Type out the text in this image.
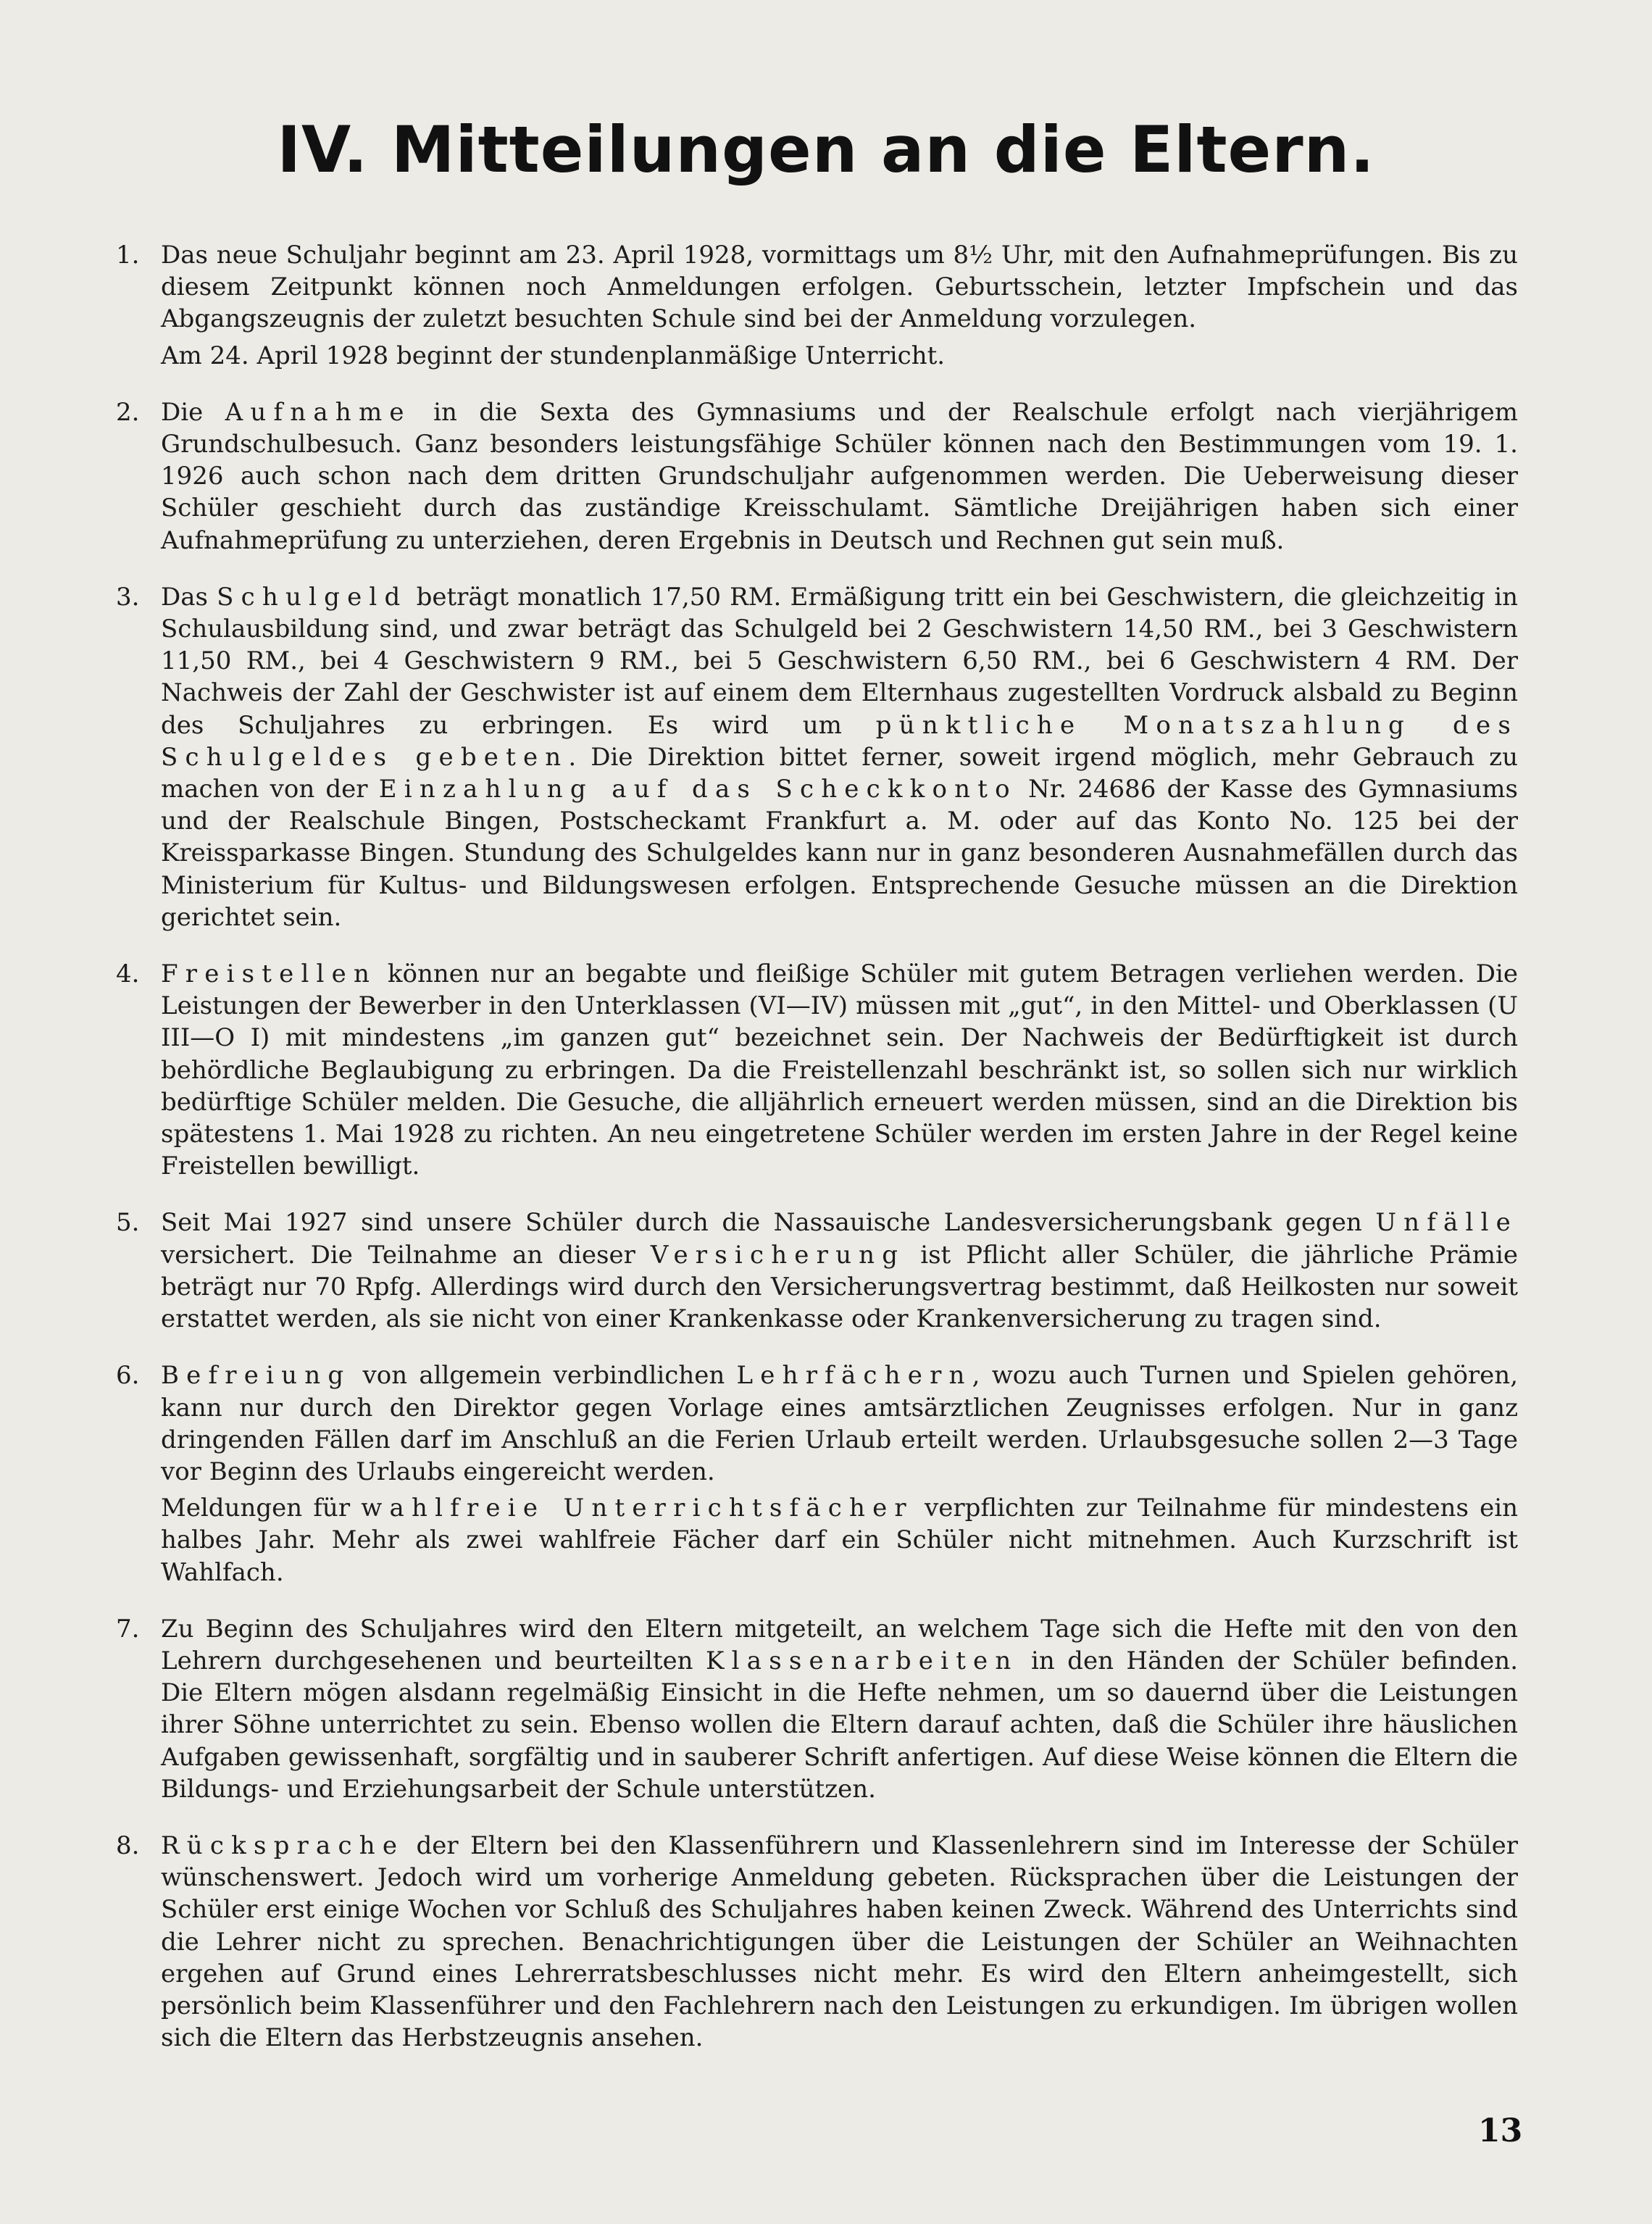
IV. Mitteilungen an die Eltern.
1. Das neue Schuljahr beginnt am 23. April 1928, vormittags um 8½ Uhr, mit den Aufnahmeprüfungen. Bis zu diesem Zeitpunkt können noch Anmeldungen erfolgen. Geburtsschein, letzter Impfschein und das Abgangszeugnis der zuletzt besuchten Schule sind bei der Anmeldung vorzulegen.

Am 24. April 1928 beginnt der stundenplanmäßige Unterricht.

2. Die Aufnahme in die Sexta des Gymnasiums und der Realschule erfolgt nach vierjährigem Grundschulbesuch. Ganz besonders leistungsfähige Schüler können nach den Bestimmungen vom 19. 1. 1926 auch schon nach dem dritten Grundschuljahr aufgenommen werden. Die Ueberweisung dieser Schüler geschieht durch das zuständige Kreisschulamt. Sämtliche Dreijährigen haben sich einer Aufnahmeprüfung zu unterziehen, deren Ergebnis in Deutsch und Rechnen gut sein muß.

3. Das Schulgeld beträgt monatlich 17,50 RM. Ermäßigung tritt ein bei Geschwistern, die gleichzeitig in Schulausbildung sind, und zwar beträgt das Schulgeld bei 2 Geschwistern 14,50 RM., bei 3 Geschwistern 11,50 RM., bei 4 Geschwistern 9 RM., bei 5 Geschwistern 6,50 RM., bei 6 Geschwistern 4 RM. Der Nachweis der Zahl der Geschwister ist auf einem dem Elternhaus zugestellten Vordruck alsbald zu Beginn des Schuljahres zu erbringen. Es wird um pünktliche Monatszahlung des Schulgeldes gebeten. Die Direktion bittet ferner, soweit irgend möglich, mehr Gebrauch zu machen von der Einzahlung auf das Scheckkonto Nr. 24686 der Kasse des Gymnasiums und der Realschule Bingen, Postscheckamt Frankfurt a. M. oder auf das Konto No. 125 bei der Kreissparkasse Bingen. Stundung des Schulgeldes kann nur in ganz besonderen Ausnahmefällen durch das Ministerium für Kultus- und Bildungswesen erfolgen. Entsprechende Gesuche müssen an die Direktion gerichtet sein.

4. Freistellen können nur an begabte und fleißige Schüler mit gutem Betragen verliehen werden. Die Leistungen der Bewerber in den Unterklassen (VI—IV) müssen mit „gut“, in den Mittel- und Oberklassen (U III—O I) mit mindestens „im ganzen gut“ bezeichnet sein. Der Nachweis der Bedürftigkeit ist durch behördliche Beglaubigung zu erbringen. Da die Freistellenzahl beschränkt ist, so sollen sich nur wirklich bedürftige Schüler melden. Die Gesuche, die alljährlich erneuert werden müssen, sind an die Direktion bis spätestens 1. Mai 1928 zu richten. An neu eingetretene Schüler werden im ersten Jahre in der Regel keine Freistellen bewilligt.

5. Seit Mai 1927 sind unsere Schüler durch die Nassauische Landesversicherungsbank gegen Unfälle versichert. Die Teilnahme an dieser Versicherung ist Pflicht aller Schüler, die jährliche Prämie beträgt nur 70 Rpfg. Allerdings wird durch den Versicherungsvertrag bestimmt, daß Heilkosten nur soweit erstattet werden, als sie nicht von einer Krankenkasse oder Krankenversicherung zu tragen sind.

6. Befreiung von allgemein verbindlichen Lehrfächern, wozu auch Turnen und Spielen gehören, kann nur durch den Direktor gegen Vorlage eines amtsärztlichen Zeugnisses erfolgen. Nur in ganz dringenden Fällen darf im Anschluß an die Ferien Urlaub erteilt werden. Urlaubsgesuche sollen 2—3 Tage vor Beginn des Urlaubs eingereicht werden.

Meldungen für wahlfreie Unterrichtsfächer verpflichten zur Teilnahme für mindestens ein halbes Jahr. Mehr als zwei wahlfreie Fächer darf ein Schüler nicht mitnehmen. Auch Kurzschrift ist Wahlfach.

7. Zu Beginn des Schuljahres wird den Eltern mitgeteilt, an welchem Tage sich die Hefte mit den von den Lehrern durchgesehenen und beurteilten Klassenarbeiten in den Händen der Schüler befinden. Die Eltern mögen alsdann regelmäßig Einsicht in die Hefte nehmen, um so dauernd über die Leistungen ihrer Söhne unterrichtet zu sein. Ebenso wollen die Eltern darauf achten, daß die Schüler ihre häuslichen Aufgaben gewissenhaft, sorgfältig und in sauberer Schrift anfertigen. Auf diese Weise können die Eltern die Bildungs- und Erziehungsarbeit der Schule unterstützen.

8. Rücksprache der Eltern bei den Klassenführern und Klassenlehrern sind im Interesse der Schüler wünschenswert. Jedoch wird um vorherige Anmeldung gebeten. Rücksprachen über die Leistungen der Schüler erst einige Wochen vor Schluß des Schuljahres haben keinen Zweck. Während des Unterrichts sind die Lehrer nicht zu sprechen. Benachrichtigungen über die Leistungen der Schüler an Weihnachten ergehen auf Grund eines Lehrerratsbeschlusses nicht mehr. Es wird den Eltern anheimgestellt, sich persönlich beim Klassenführer und den Fachlehrern nach den Leistungen zu erkundigen. Im übrigen wollen sich die Eltern das Herbstzeugnis ansehen.

13
